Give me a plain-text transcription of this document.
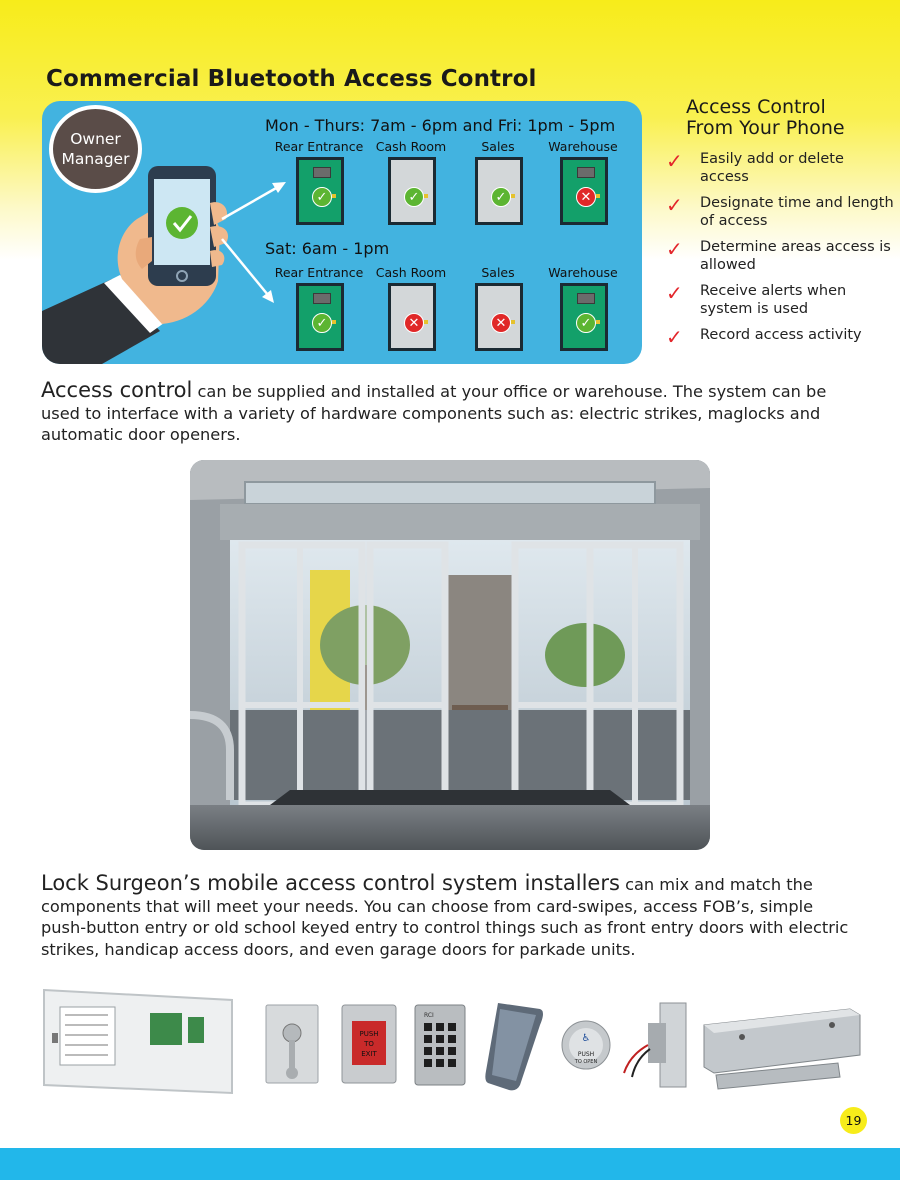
Commercial Bluetooth Access Control
Owner
Manager
Mon - Thurs: 7am - 6pm and Fri: 1pm - 5pm
Rear Entrance	Cash Room	Sales	Warehouse
✓	✓	✓	✕
Sat: 6am - 1pm
Rear Entrance	Cash Room	Sales	Warehouse
✓	✕	✕	✓
Access Control
From Your Phone
✓ Easily add or delete access
✓ Designate time and length of access
✓ Determine areas access is allowed
✓ Receive alerts when system is used
✓ Record access activity

Access control can be supplied and installed at your office or warehouse. The system can be used to interface with a variety of hardware components such as: electric strikes, maglocks and automatic door openers.

Lock Surgeon’s mobile access control system installers can mix and match the components that will meet your needs. You can choose from card-swipes, access FOB’s, simple push-button entry or old school keyed entry to control things such as front entry doors with electric strikes, handicap access doors, and even garage doors for parkade units.

PUSH
TO
EXIT
RCI
♿
PUSH
TO OPEN
19
